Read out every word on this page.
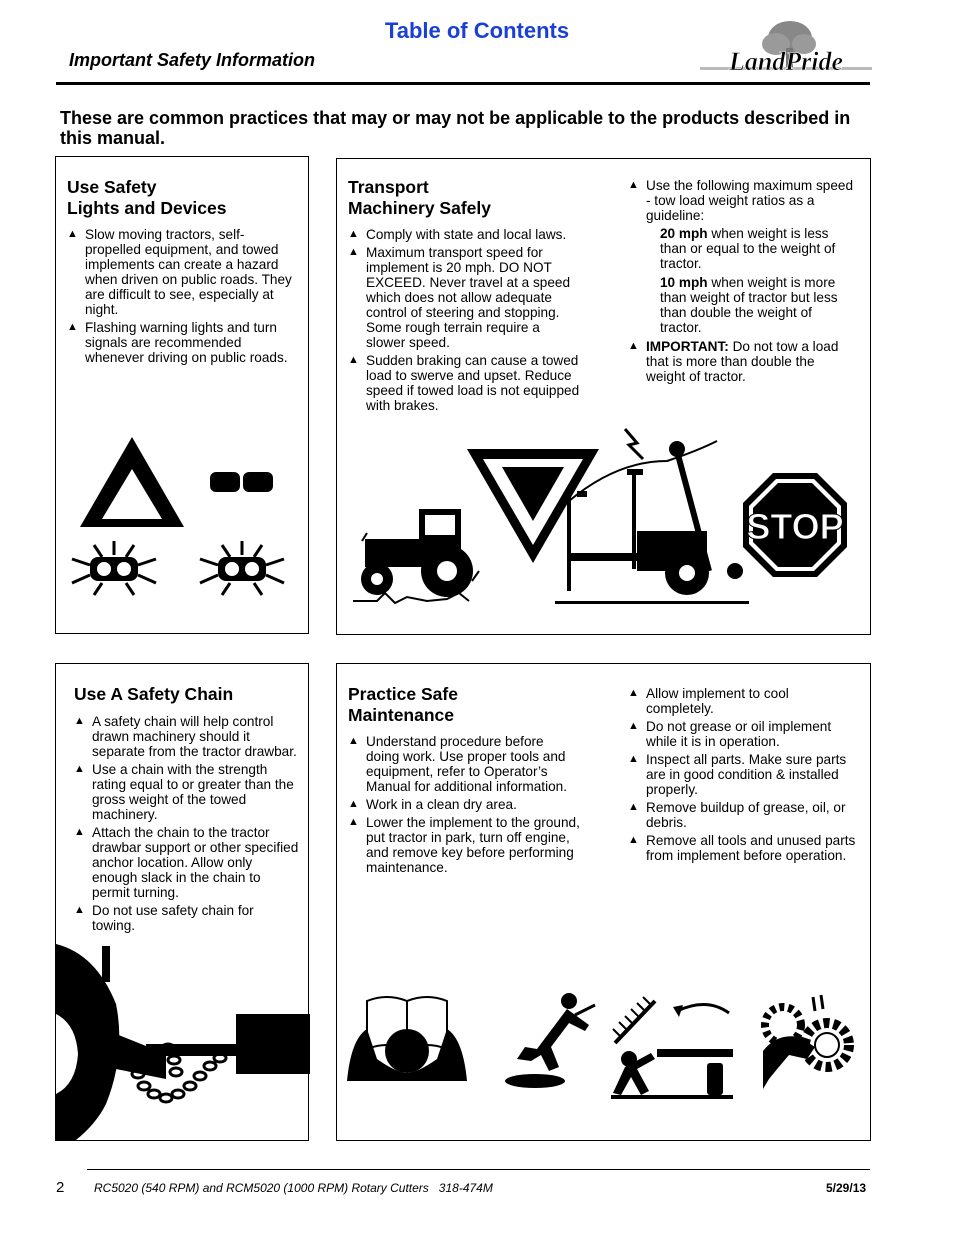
Table of Contents
Important Safety Information	LandPride
These are common practices that may or may not be applicable to the products described in this manual.
Use Safety
Lights and Devices
▲ Slow moving tractors, self-propelled equipment, and towed implements can create a hazard when driven on public roads. They are difficult to see, especially at night.
▲ Flashing warning lights and turn signals are recommended whenever driving on public roads.
Transport
Machinery Safely
▲ Comply with state and local laws.
▲ Maximum transport speed for implement is 20 mph. DO NOT EXCEED. Never travel at a speed which does not allow adequate control of steering and stopping. Some rough terrain require a slower speed.
▲ Sudden braking can cause a towed load to swerve and upset. Reduce speed if towed load is not equipped with brakes.
▲ Use the following maximum speed - tow load weight ratios as a guideline:
20 mph when weight is less than or equal to the weight of tractor.
10 mph when weight is more than weight of tractor but less than double the weight of tractor.
▲ IMPORTANT: Do not tow a load that is more than double the weight of tractor.
STOP
Use A Safety Chain
▲ A safety chain will help control drawn machinery should it separate from the tractor drawbar.
▲ Use a chain with the strength rating equal to or greater than the gross weight of the towed machinery.
▲ Attach the chain to the tractor drawbar support or other specified anchor location. Allow only enough slack in the chain to permit turning.
▲ Do not use safety chain for towing.
Practice Safe
Maintenance
▲ Understand procedure before doing work. Use proper tools and equipment, refer to Operator’s Manual for additional information.
▲ Work in a clean dry area.
▲ Lower the implement to the ground, put tractor in park, turn off engine, and remove key before performing maintenance.
▲ Allow implement to cool completely.
▲ Do not grease or oil implement while it is in operation.
▲ Inspect all parts. Make sure parts are in good condition & installed properly.
▲ Remove buildup of grease, oil, or debris.
▲ Remove all tools and unused parts from implement before operation.
2 RC5020 (540 RPM) and RCM5020 (1000 RPM) Rotary Cutters   318-474M	5/29/13
